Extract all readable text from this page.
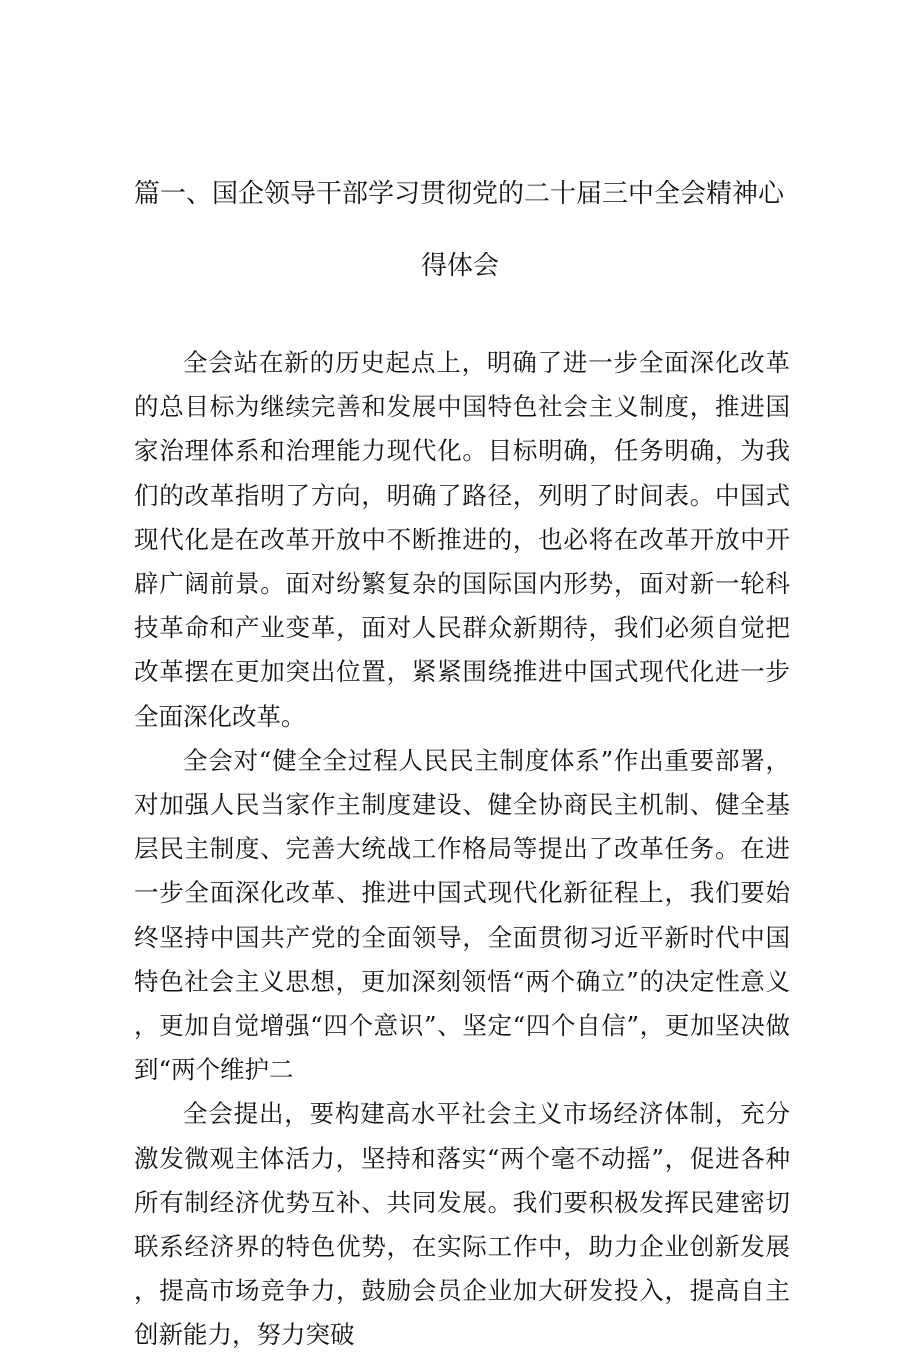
篇一、国企领导干部学习贯彻党的二十届三中全会精神心
得体会

全会站在新的历史起点上，明确了进一步全面深化改革的总目标为继续完善和发展中国特色社会主义制度，推进国家治理体系和治理能力现代化。目标明确，任务明确，为我们的改革指明了方向，明确了路径，列明了时间表。中国式现代化是在改革开放中不断推进的，也必将在改革开放中开辟广阔前景。面对纷繁复杂的国际国内形势，面对新一轮科技革命和产业变革，面对人民群众新期待，我们必须自觉把改革摆在更加突出位置，紧紧围绕推进中国式现代化进一步全面深化改革。

全会对“健全全过程人民民主制度体系”作出重要部署，对加强人民当家作主制度建设、健全协商民主机制、健全基层民主制度、完善大统战工作格局等提出了改革任务。在进一步全面深化改革、推进中国式现代化新征程上，我们要始终坚持中国共产党的全面领导，全面贯彻习近平新时代中国特色社会主义思想，更加深刻领悟“两个确立”的决定性意义，更加自觉增强“四个意识”、坚定“四个自信”，更加坚决做到“两个维护二

全会提出，要构建高水平社会主义市场经济体制，充分激发微观主体活力，坚持和落实“两个毫不动摇”，促进各种所有制经济优势互补、共同发展。我们要积极发挥民建密切联系经济界的特色优势，在实际工作中，助力企业创新发展，提高市场竞争力，鼓励会员企业加大研发投入，提高自主创新能力，努力突破
